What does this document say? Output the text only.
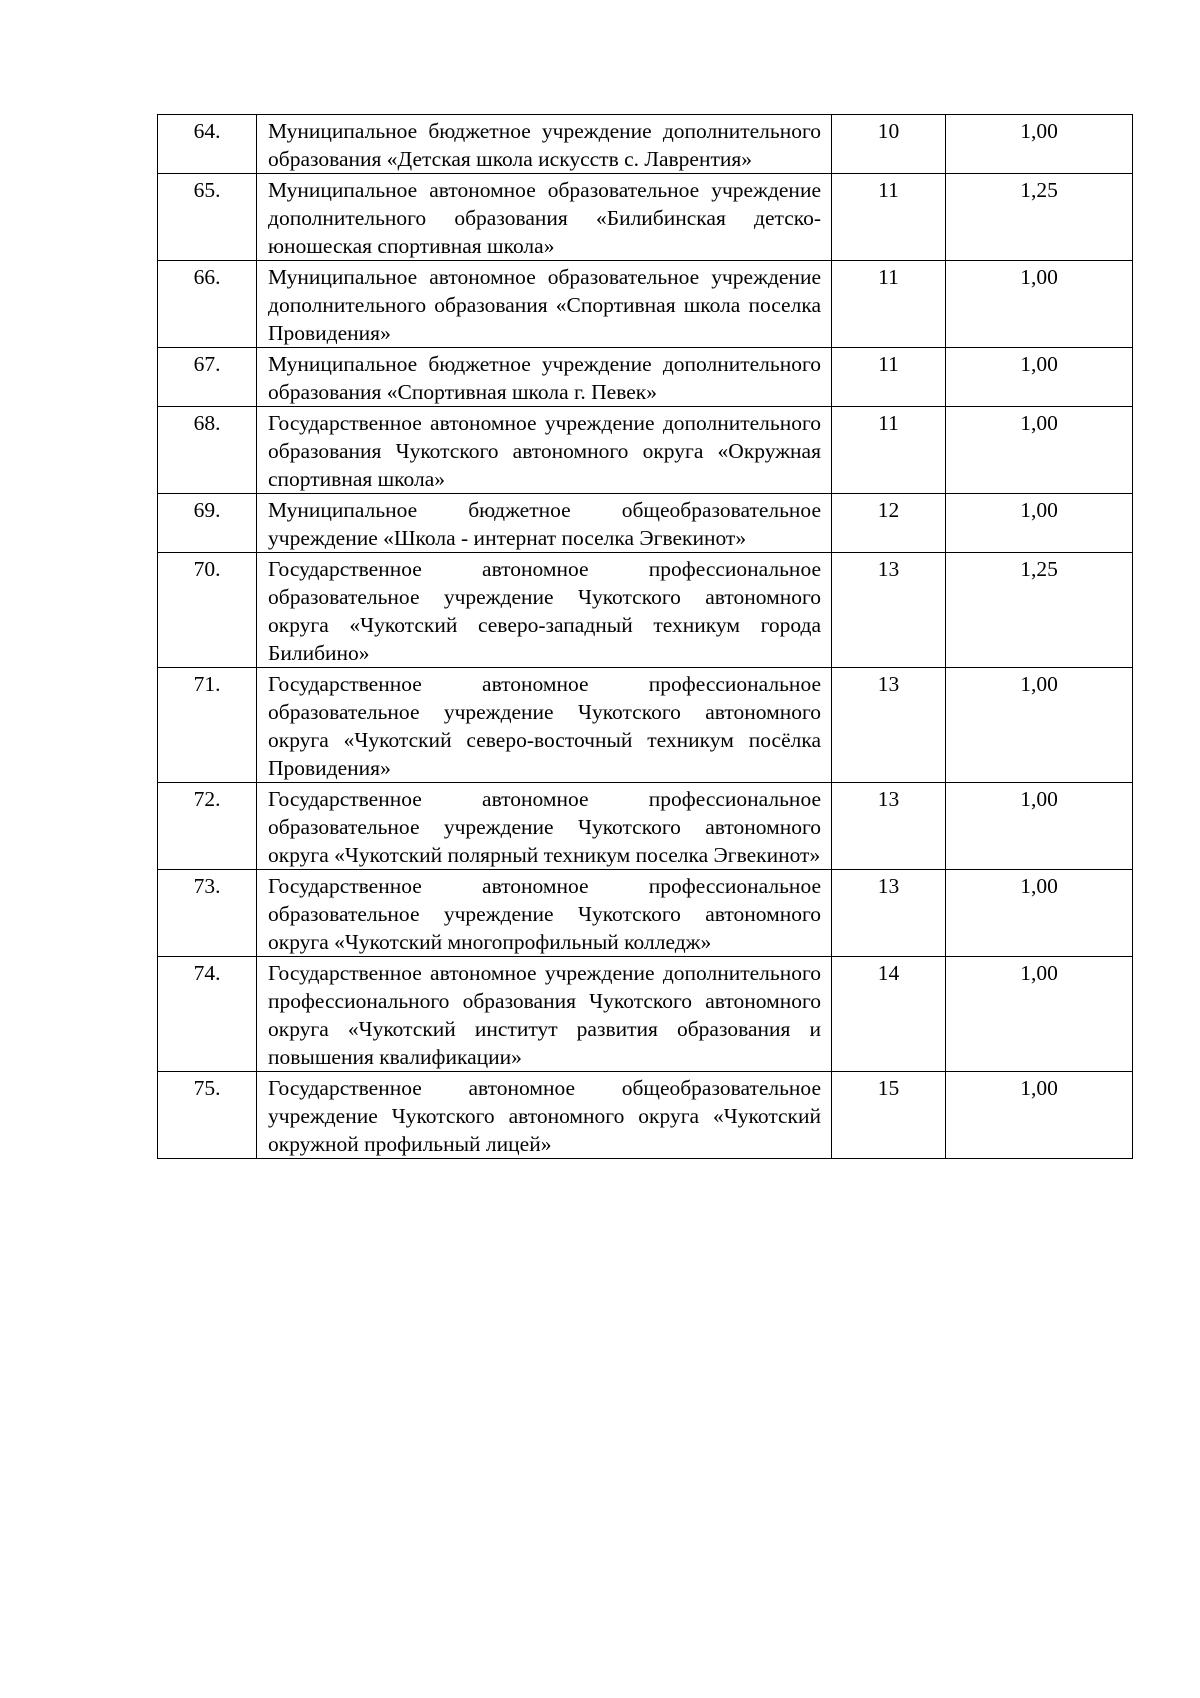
64.	Муниципальное бюджетное учреждение дополнительного образования «Детская школа искусств с. Лаврентия»	10	1,00
65.	Муниципальное автономное образовательное учреждение дополнительного образования «Билибинская детско-юношеская спортивная школа»	11	1,25
66.	Муниципальное автономное образовательное учреждение дополнительного образования «Спортивная школа поселка Провидения»	11	1,00
67.	Муниципальное бюджетное учреждение дополнительного образования «Спортивная школа г. Певек»	11	1,00
68.	Государственное автономное учреждение дополнительного образования Чукотского автономного округа «Окружная спортивная школа»	11	1,00
69.	Муниципальное бюджетное общеобразовательное учреждение «Школа - интернат поселка Эгвекинот»	12	1,00
70.	Государственное автономное профессиональное образовательное учреждение Чукотского автономного округа «Чукотский северо-западный техникум города Билибино»	13	1,25
71.	Государственное автономное профессиональное образовательное учреждение Чукотского автономного округа «Чукотский северо-восточный техникум посёлка Провидения»	13	1,00
72.	Государственное автономное профессиональное образовательное учреждение Чукотского автономного округа «Чукотский полярный техникум поселка Эгвекинот»	13	1,00
73.	Государственное автономное профессиональное образовательное учреждение Чукотского автономного округа «Чукотский многопрофильный колледж»	13	1,00
74.	Государственное автономное учреждение дополнительного профессионального образования Чукотского автономного округа «Чукотский институт развития образования и повышения квалификации»	14	1,00
75.	Государственное автономное общеобразовательное учреждение Чукотского автономного округа «Чукотский окружной профильный лицей»	15	1,00
